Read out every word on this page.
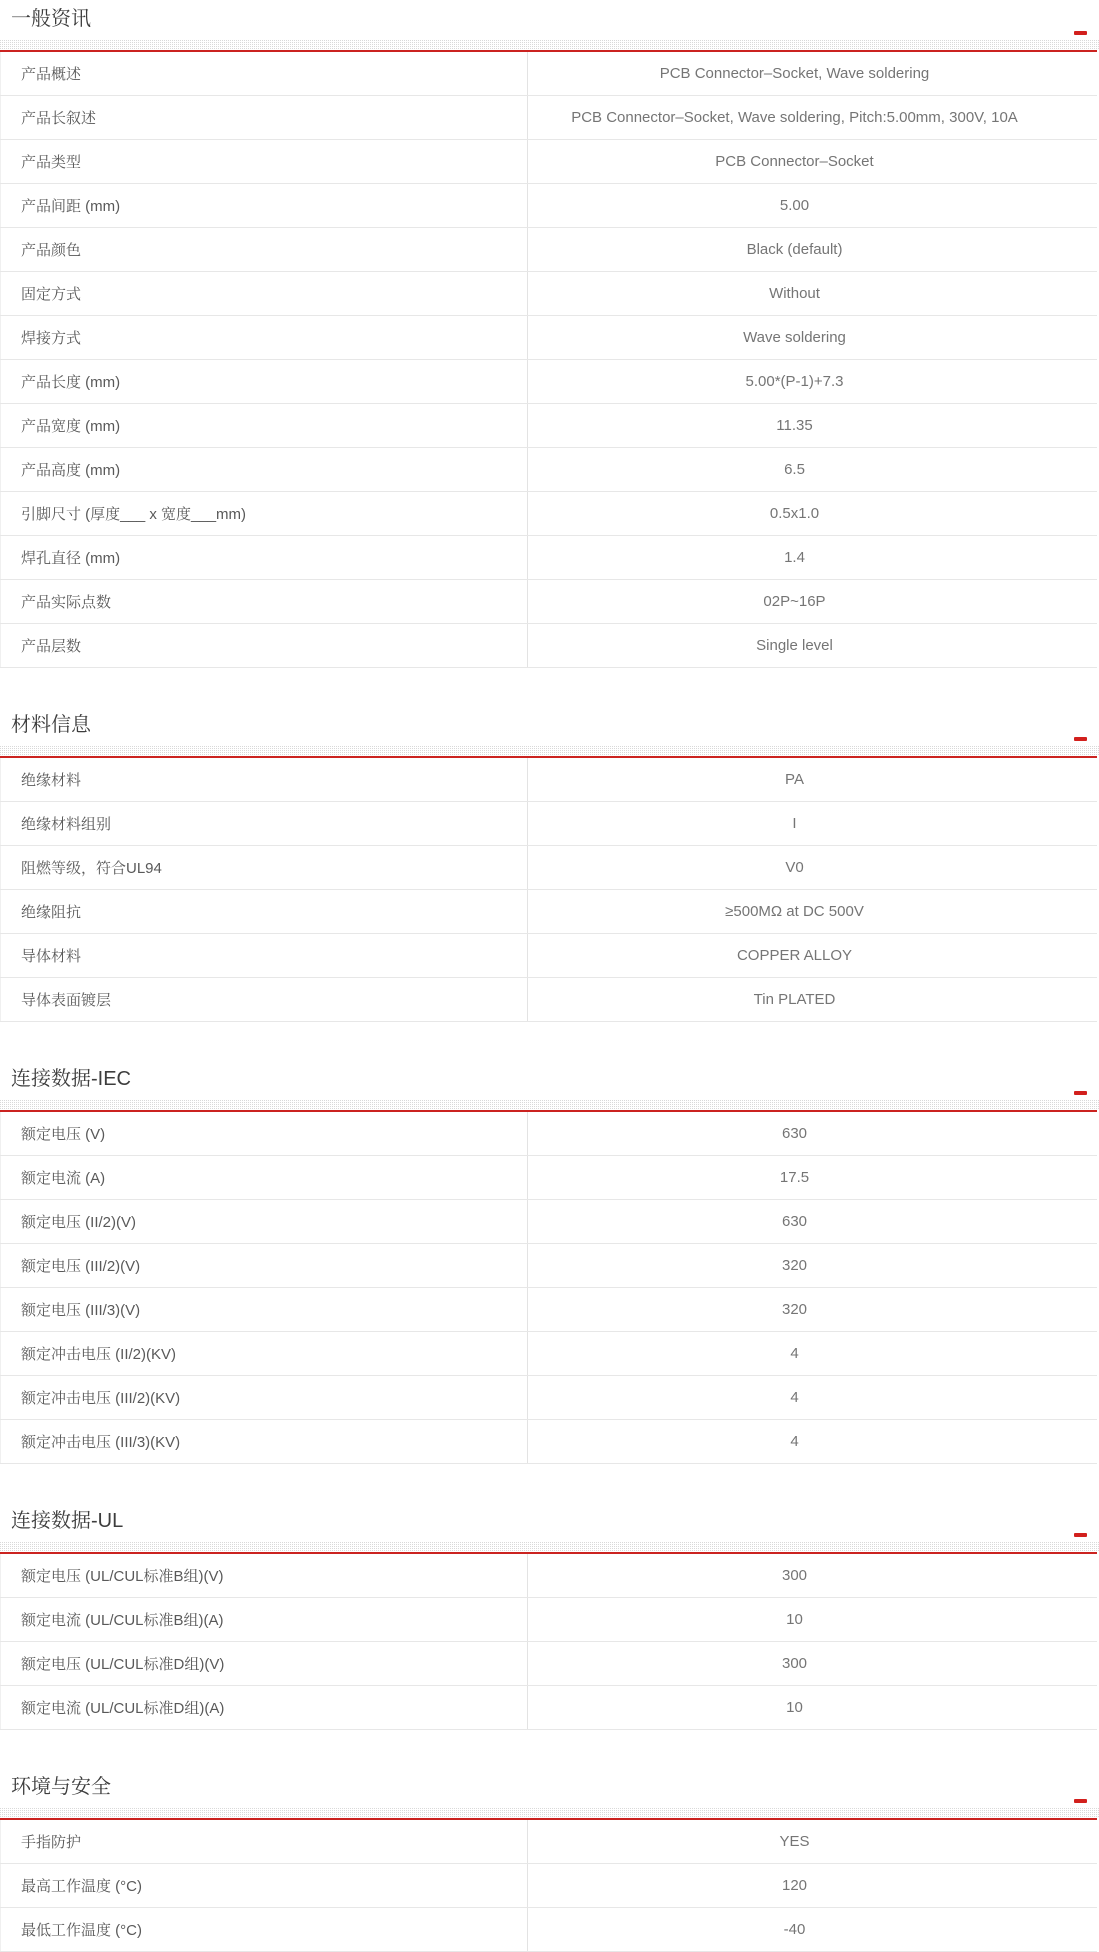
一般资讯
产品概述	PCB Connector–Socket, Wave soldering
产品长叙述	PCB Connector–Socket, Wave soldering, Pitch:5.00mm, 300V, 10A
产品类型	PCB Connector–Socket
产品间距 (mm)	5.00
产品颜色	Black (default)
固定方式	Without
焊接方式	Wave soldering
产品长度 (mm)	5.00*(P-1)+7.3
产品宽度 (mm)	11.35
产品高度 (mm)	6.5
引脚尺寸 (厚度___ x 宽度___mm)	0.5x1.0
焊孔直径 (mm)	1.4
产品实际点数	02P~16P
产品层数	Single level
材料信息
绝缘材料	PA
绝缘材料组别	I
阻燃等级，符合UL94	V0
绝缘阻抗	≥500MΩ at DC 500V
导体材料	COPPER ALLOY
导体表面镀层	Tin PLATED
连接数据-IEC
额定电压 (V)	630
额定电流 (A)	17.5
额定电压 (II/2)(V)	630
额定电压 (III/2)(V)	320
额定电压 (III/3)(V)	320
额定冲击电压 (II/2)(KV)	4
额定冲击电压 (III/2)(KV)	4
额定冲击电压 (III/3)(KV)	4
连接数据-UL
额定电压 (UL/CUL标准B组)(V)	300
额定电流 (UL/CUL标准B组)(A)	10
额定电压 (UL/CUL标准D组)(V)	300
额定电流 (UL/CUL标准D组)(A)	10
环境与安全
手指防护	YES
最高工作温度 (°C)	120
最低工作温度 (°C)	-40
